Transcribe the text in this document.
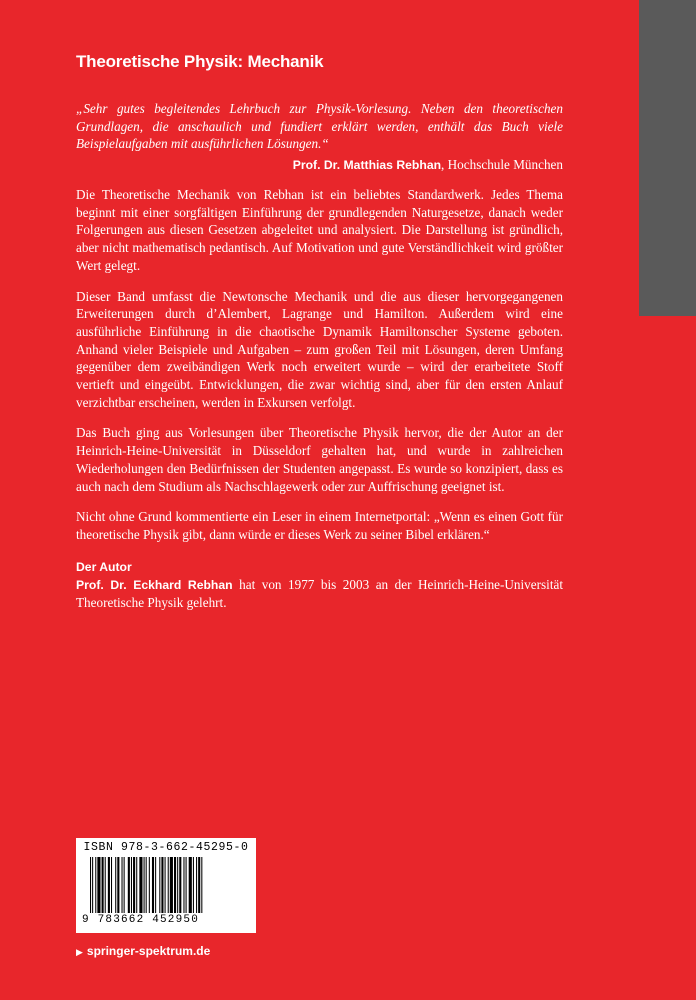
Theoretische Physik: Mechanik

„Sehr gutes begleitendes Lehrbuch zur Physik-Vorlesung. Neben den theoretischen Grundlagen, die anschaulich und fundiert erklärt werden, enthält das Buch viele Beispielaufgaben mit ausführlichen Lösungen.“

Prof. Dr. Matthias Rebhan, Hochschule München

Die Theoretische Mechanik von Rebhan ist ein beliebtes Standardwerk. Jedes Thema beginnt mit einer sorgfältigen Einführung der grundlegenden Naturgesetze, danach weder Folgerungen aus diesen Gesetzen abgeleitet und analysiert. Die Darstellung ist gründlich, aber nicht mathematisch pedantisch. Auf Motivation und gute Verständlichkeit wird größter Wert gelegt.

Dieser Band umfasst die Newtonsche Mechanik und die aus dieser hervorgegangenen Erweiterungen durch d’Alembert, Lagrange und Hamilton. Außerdem wird eine ausführliche Einführung in die chaotische Dynamik Hamiltonscher Systeme geboten. Anhand vieler Beispiele und Aufgaben – zum großen Teil mit Lösungen, deren Umfang gegenüber dem zweibändigen Werk noch erweitert wurde – wird der erarbeitete Stoff vertieft und eingeübt. Entwicklungen, die zwar wichtig sind, aber für den ersten Anlauf verzichtbar erscheinen, werden in Exkursen verfolgt.

Das Buch ging aus Vorlesungen über Theoretische Physik hervor, die der Autor an der Heinrich-Heine-Universität in Düsseldorf gehalten hat, und wurde in zahlreichen Wiederholungen den Bedürfnissen der Studenten angepasst. Es wurde so konzipiert, dass es auch nach dem Studium als Nachschlagewerk oder zur Auffrischung geeignet ist.

Nicht ohne Grund kommentierte ein Leser in einem Internetportal: „Wenn es einen Gott für theoretische Physik gibt, dann würde er dieses Werk zu seiner Bibel erklären.“

Der Autor

Prof. Dr. Eckhard Rebhan hat von 1977 bis 2003 an der Heinrich-Heine-Universität Theoretische Physik gelehrt.

ISBN 978-3-662-45295-0
9 783662 452950
▶ springer-spektrum.de
